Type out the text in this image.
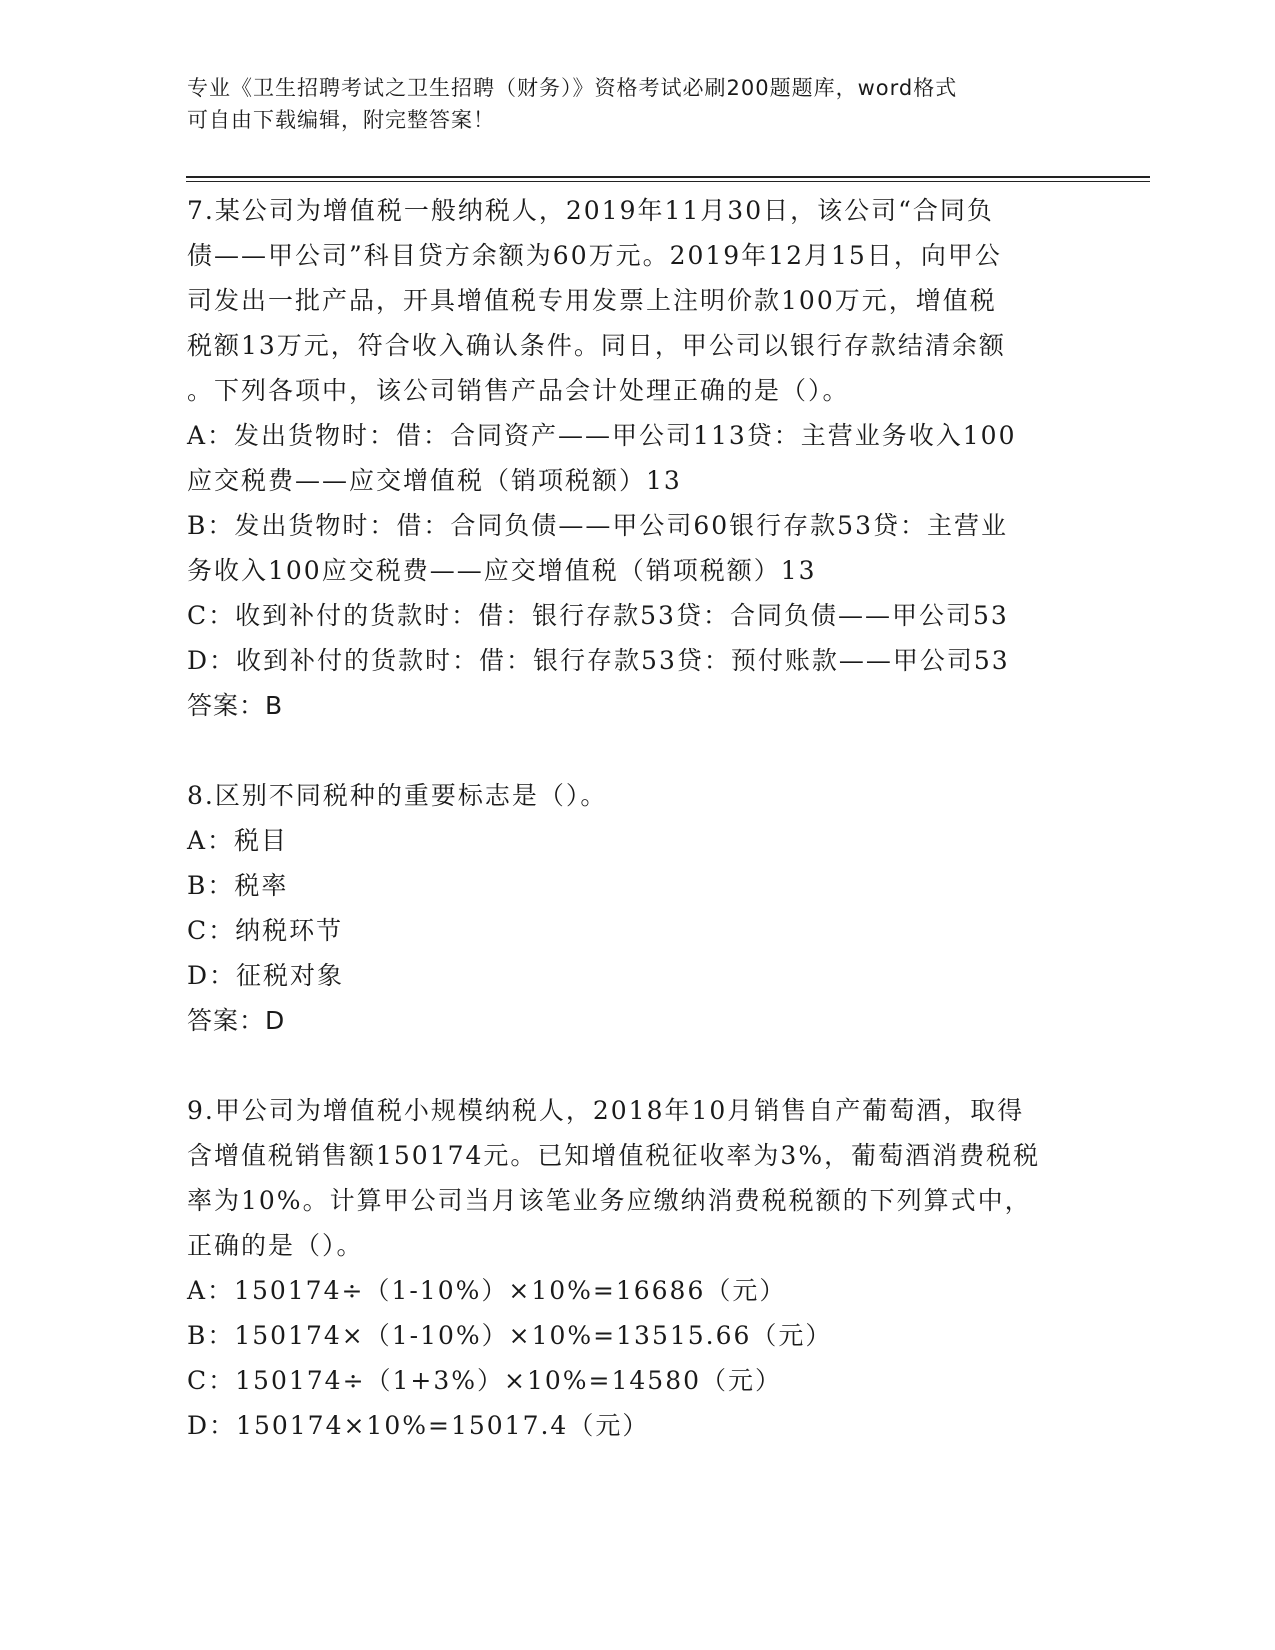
专业《卫生招聘考试之卫生招聘（财务）》资格考试必刷200题题库，word格式
可自由下载编辑，附完整答案！
7.某公司为增值税一般纳税人，2019年11月30日，该公司“合同负
债——甲公司”科目贷方余额为60万元。2019年12月15日，向甲公
司发出一批产品，开具增值税专用发票上注明价款100万元，增值税
税额13万元，符合收入确认条件。同日，甲公司以银行存款结清余额
。下列各项中，该公司销售产品会计处理正确的是（）。
A：发出货物时：借：合同资产——甲公司113贷：主营业务收入100
应交税费——应交增值税（销项税额）13
B：发出货物时：借：合同负债——甲公司60银行存款53贷：主营业
务收入100应交税费——应交增值税（销项税额）13
C：收到补付的货款时：借：银行存款53贷：合同负债——甲公司53
D：收到补付的货款时：借：银行存款53贷：预付账款——甲公司53
答案：B
8.区别不同税种的重要标志是（）。
A：税目
B：税率
C：纳税环节
D：征税对象
答案：D
9.甲公司为增值税小规模纳税人，2018年10月销售自产葡萄酒，取得
含增值税销售额150174元。已知增值税征收率为3%，葡萄酒消费税税
率为10%。计算甲公司当月该笔业务应缴纳消费税税额的下列算式中，
正确的是（）。
A：150174÷（1-10%）×10%=16686（元）
B：150174×（1-10%）×10%=13515.66（元）
C：150174÷（1+3%）×10%=14580（元）
D：150174×10%=15017.4（元）
